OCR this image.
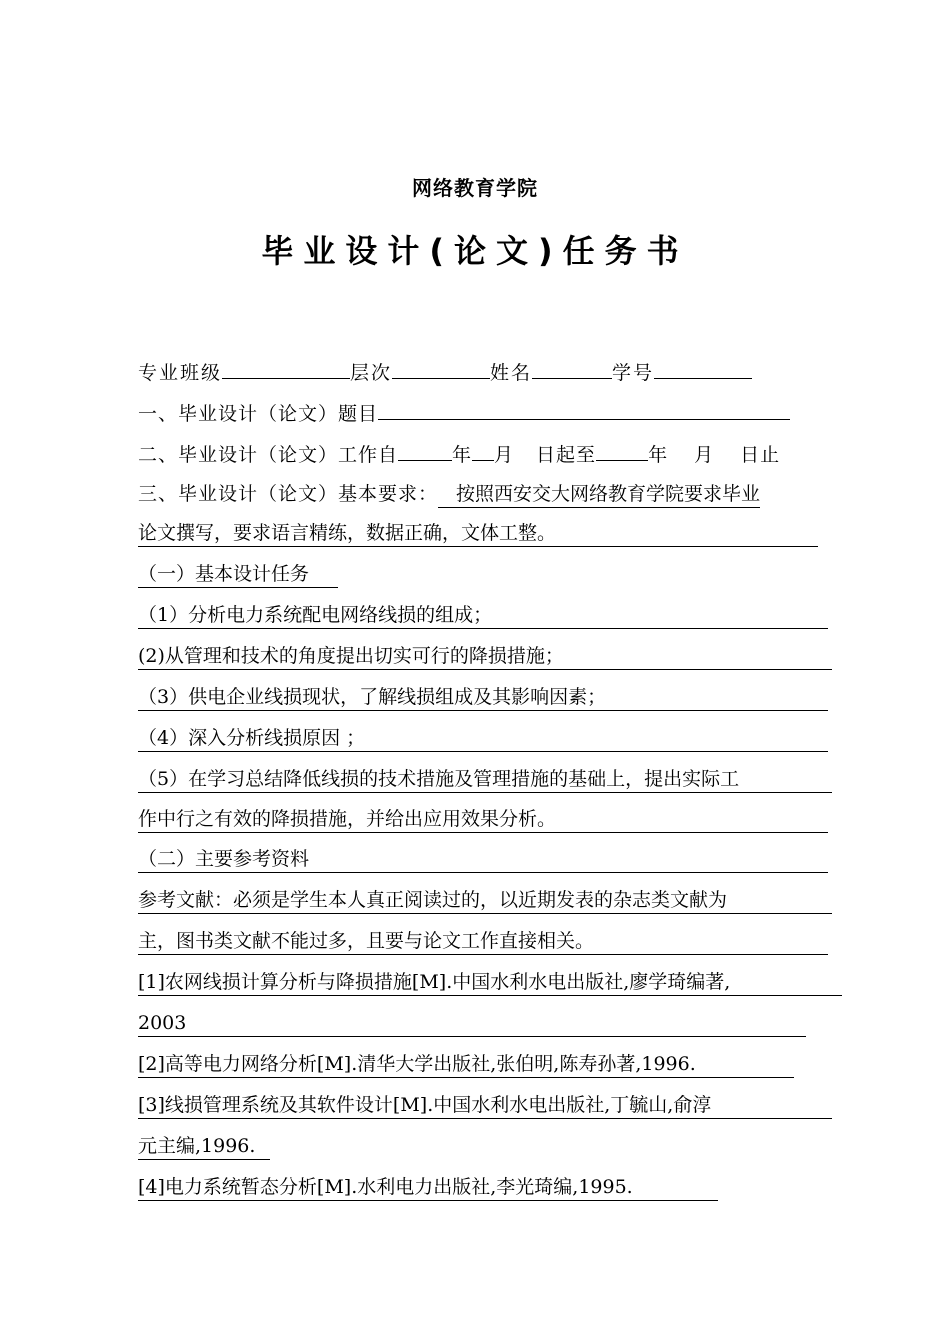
网络教育学院
毕业设计(论文)任务书
专业班级	层次	姓名	学号
一、毕业设计（论文）题目
二、毕业设计（论文）工作自	年 月 日起至	年 月 日止
三、毕业设计（论文）基本要求： 按照西安交大网络教育学院要求毕业
论文撰写，要求语言精练，数据正确，文体工整。
（一）基本设计任务
（1）分析电力系统配电网络线损的组成；
(2)从管理和技术的角度提出切实可行的降损措施；
（3）供电企业线损现状，了解线损组成及其影响因素；
（4）深入分析线损原因 ；
（5）在学习总结降低线损的技术措施及管理措施的基础上，提出实际工
作中行之有效的降损措施，并给出应用效果分析。
（二）主要参考资料
参考文献：必须是学生本人真正阅读过的，以近期发表的杂志类文献为
主，图书类文献不能过多，且要与论文工作直接相关。
[1]农网线损计算分析与降损措施[M].中国水利水电出版社,廖学琦编著,
2003
[2]高等电力网络分析[M].清华大学出版社,张伯明,陈寿孙著,1996.
[3]线损管理系统及其软件设计[M].中国水利水电出版社,丁毓山,俞淳
元主编,1996.
[4]电力系统暂态分析[M].水利电力出版社,李光琦编,1995.
